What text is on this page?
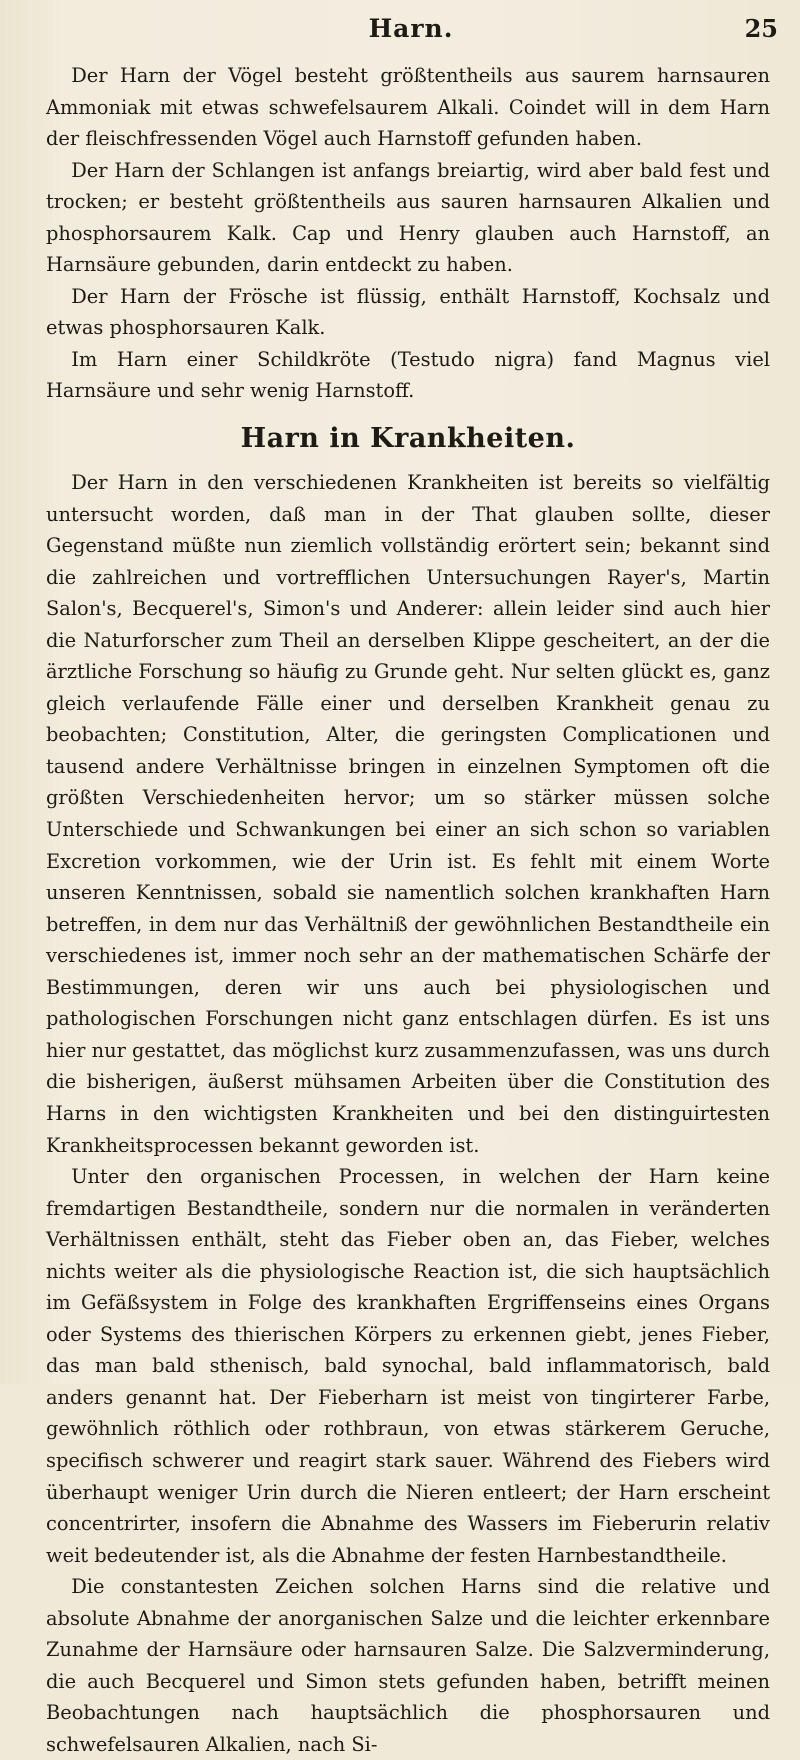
Harn.	25

Der Harn der Vögel besteht größtentheils aus saurem harnsauren Ammoniak mit etwas schwefelsaurem Alkali. Coindet will in dem Harn der fleischfressenden Vögel auch Harnstoff gefunden haben.

Der Harn der Schlangen ist anfangs breiartig, wird aber bald fest und trocken; er besteht größtentheils aus sauren harnsauren Alkalien und phosphorsaurem Kalk. Cap und Henry glauben auch Harnstoff, an Harnsäure gebunden, darin entdeckt zu haben.

Der Harn der Frösche ist flüssig, enthält Harnstoff, Kochsalz und etwas phosphorsauren Kalk.

Im Harn einer Schildkröte (Testudo nigra) fand Magnus viel Harnsäure und sehr wenig Harnstoff.

Harn in Krankheiten.

Der Harn in den verschiedenen Krankheiten ist bereits so vielfältig untersucht worden, daß man in der That glauben sollte, dieser Gegenstand müßte nun ziemlich vollständig erörtert sein; bekannt sind die zahlreichen und vortrefflichen Untersuchungen Rayer's, Martin Salon's, Becquerel's, Simon's und Anderer: allein leider sind auch hier die Naturforscher zum Theil an derselben Klippe gescheitert, an der die ärztliche Forschung so häufig zu Grunde geht. Nur selten glückt es, ganz gleich verlaufende Fälle einer und derselben Krankheit genau zu beobachten; Constitution, Alter, die geringsten Complicationen und tausend andere Verhältnisse bringen in einzelnen Symptomen oft die größten Verschiedenheiten hervor; um so stärker müssen solche Unterschiede und Schwankungen bei einer an sich schon so variablen Excretion vorkommen, wie der Urin ist. Es fehlt mit einem Worte unseren Kenntnissen, sobald sie namentlich solchen krankhaften Harn betreffen, in dem nur das Verhältniß der gewöhnlichen Bestandtheile ein verschiedenes ist, immer noch sehr an der mathematischen Schärfe der Bestimmungen, deren wir uns auch bei physiologischen und pathologischen Forschungen nicht ganz entschlagen dürfen. Es ist uns hier nur gestattet, das möglichst kurz zusammenzufassen, was uns durch die bisherigen, äußerst mühsamen Arbeiten über die Constitution des Harns in den wichtigsten Krankheiten und bei den distinguirtesten Krankheitsprocessen bekannt geworden ist.

Unter den organischen Processen, in welchen der Harn keine fremdartigen Bestandtheile, sondern nur die normalen in veränderten Verhältnissen enthält, steht das Fieber oben an, das Fieber, welches nichts weiter als die physiologische Reaction ist, die sich hauptsächlich im Gefäßsystem in Folge des krankhaften Ergriffenseins eines Organs oder Systems des thierischen Körpers zu erkennen giebt, jenes Fieber, das man bald sthenisch, bald synochal, bald inflammatorisch, bald anders genannt hat. Der Fieberharn ist meist von tingirterer Farbe, gewöhnlich röthlich oder rothbraun, von etwas stärkerem Geruche, specifisch schwerer und reagirt stark sauer. Während des Fiebers wird überhaupt weniger Urin durch die Nieren entleert; der Harn erscheint concentrirter, insofern die Abnahme des Wassers im Fieberurin relativ weit bedeutender ist, als die Abnahme der festen Harnbestandtheile.

Die constantesten Zeichen solchen Harns sind die relative und absolute Abnahme der anorganischen Salze und die leichter erkennbare Zunahme der Harnsäure oder harnsauren Salze. Die Salzverminderung, die auch Becquerel und Simon stets gefunden haben, betrifft meinen Beobachtungen nach hauptsächlich die phosphorsauren und schwefelsauren Alkalien, nach Si-
